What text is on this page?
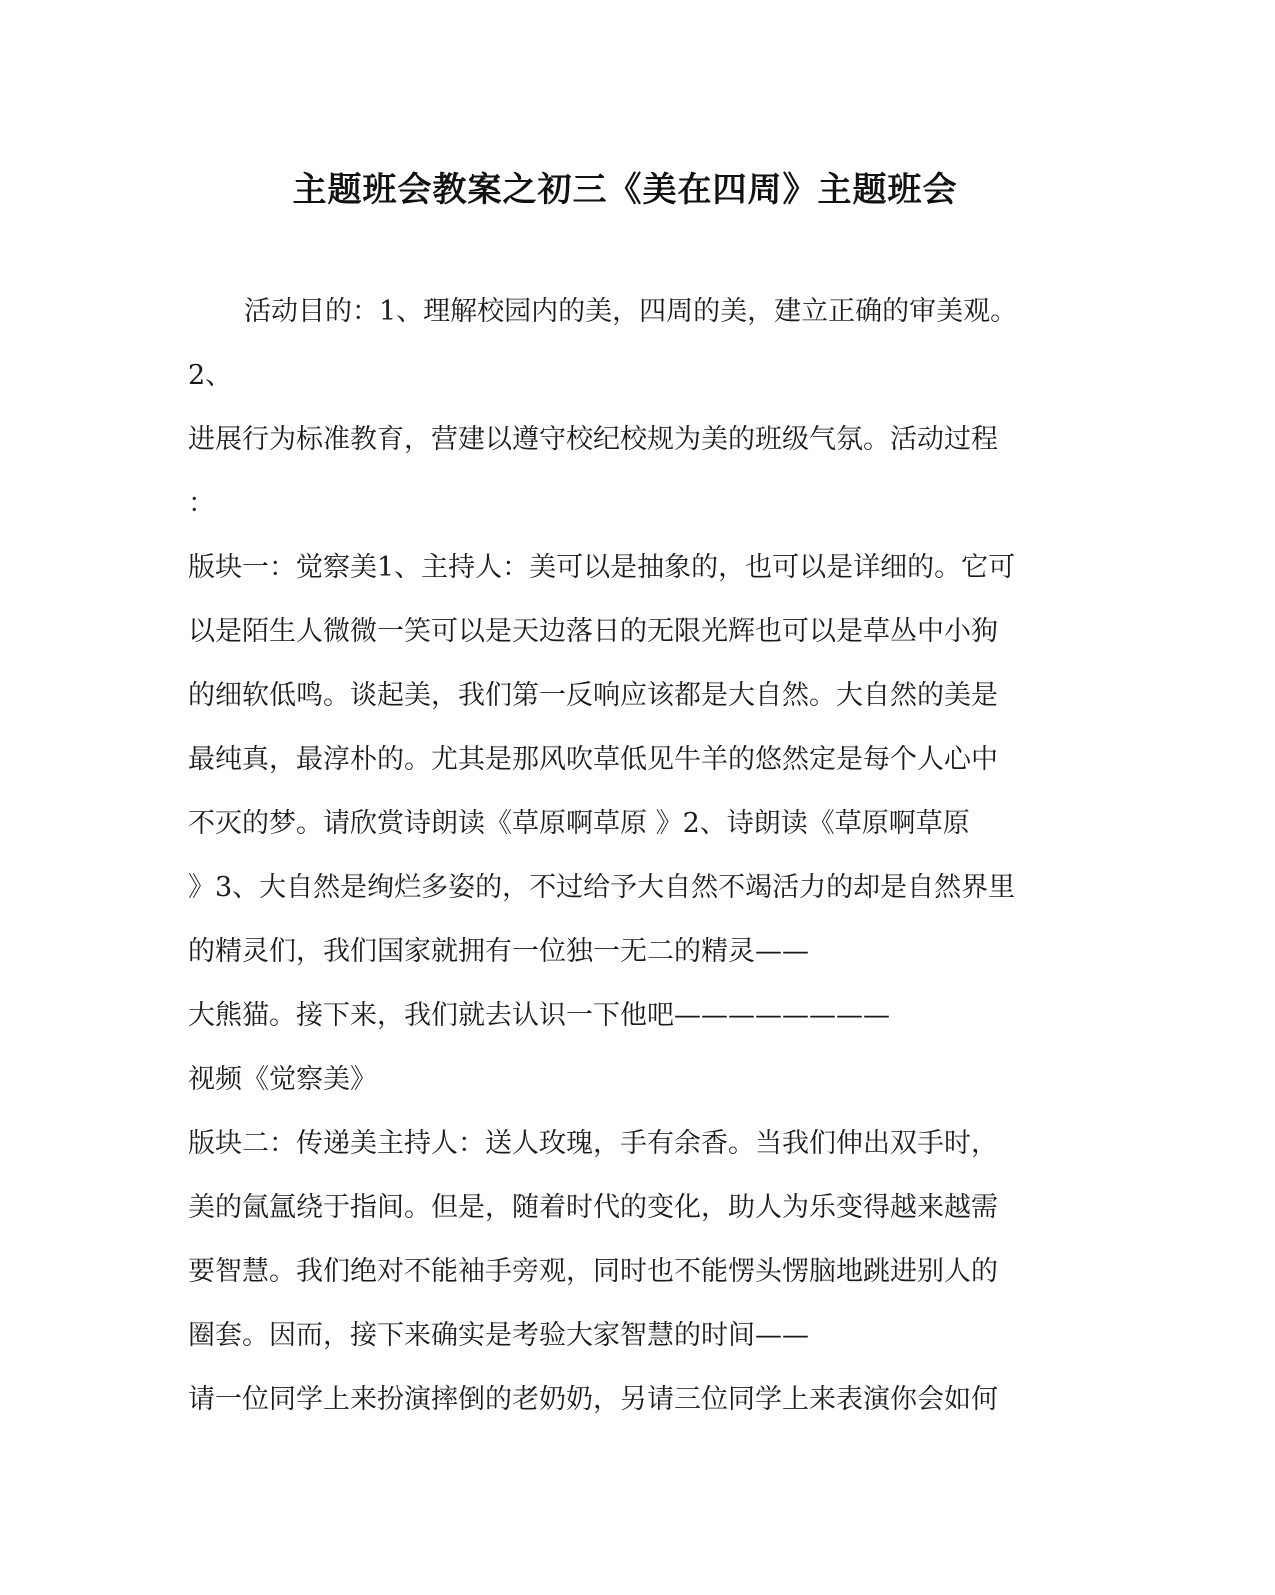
主题班会教案之初三《美在四周》主题班会
活动目的：1、理解校园内的美，四周的美，建立正确的审美观。
2、
进展行为标准教育，营建以遵守校纪校规为美的班级气氛。活动过程
：
版块一：觉察美1、主持人：美可以是抽象的，也可以是详细的。它可
以是陌生人微微一笑可以是天边落日的无限光辉也可以是草丛中小狗
的细软低鸣。谈起美，我们第一反响应该都是大自然。大自然的美是
最纯真，最淳朴的。尤其是那风吹草低见牛羊的悠然定是每个人心中
不灭的梦。请欣赏诗朗读《草原啊草原 》2、诗朗读《草原啊草原
》3、大自然是绚烂多姿的，不过给予大自然不竭活力的却是自然界里
的精灵们，我们国家就拥有一位独一无二的精灵——
大熊猫。接下来，我们就去认识一下他吧————————
视频《觉察美》
版块二：传递美主持人：送人玫瑰，手有余香。当我们伸出双手时，
美的氤氲绕于指间。但是，随着时代的变化，助人为乐变得越来越需
要智慧。我们绝对不能袖手旁观，同时也不能愣头愣脑地跳进别人的
圈套。因而，接下来确实是考验大家智慧的时间——
请一位同学上来扮演摔倒的老奶奶，另请三位同学上来表演你会如何
